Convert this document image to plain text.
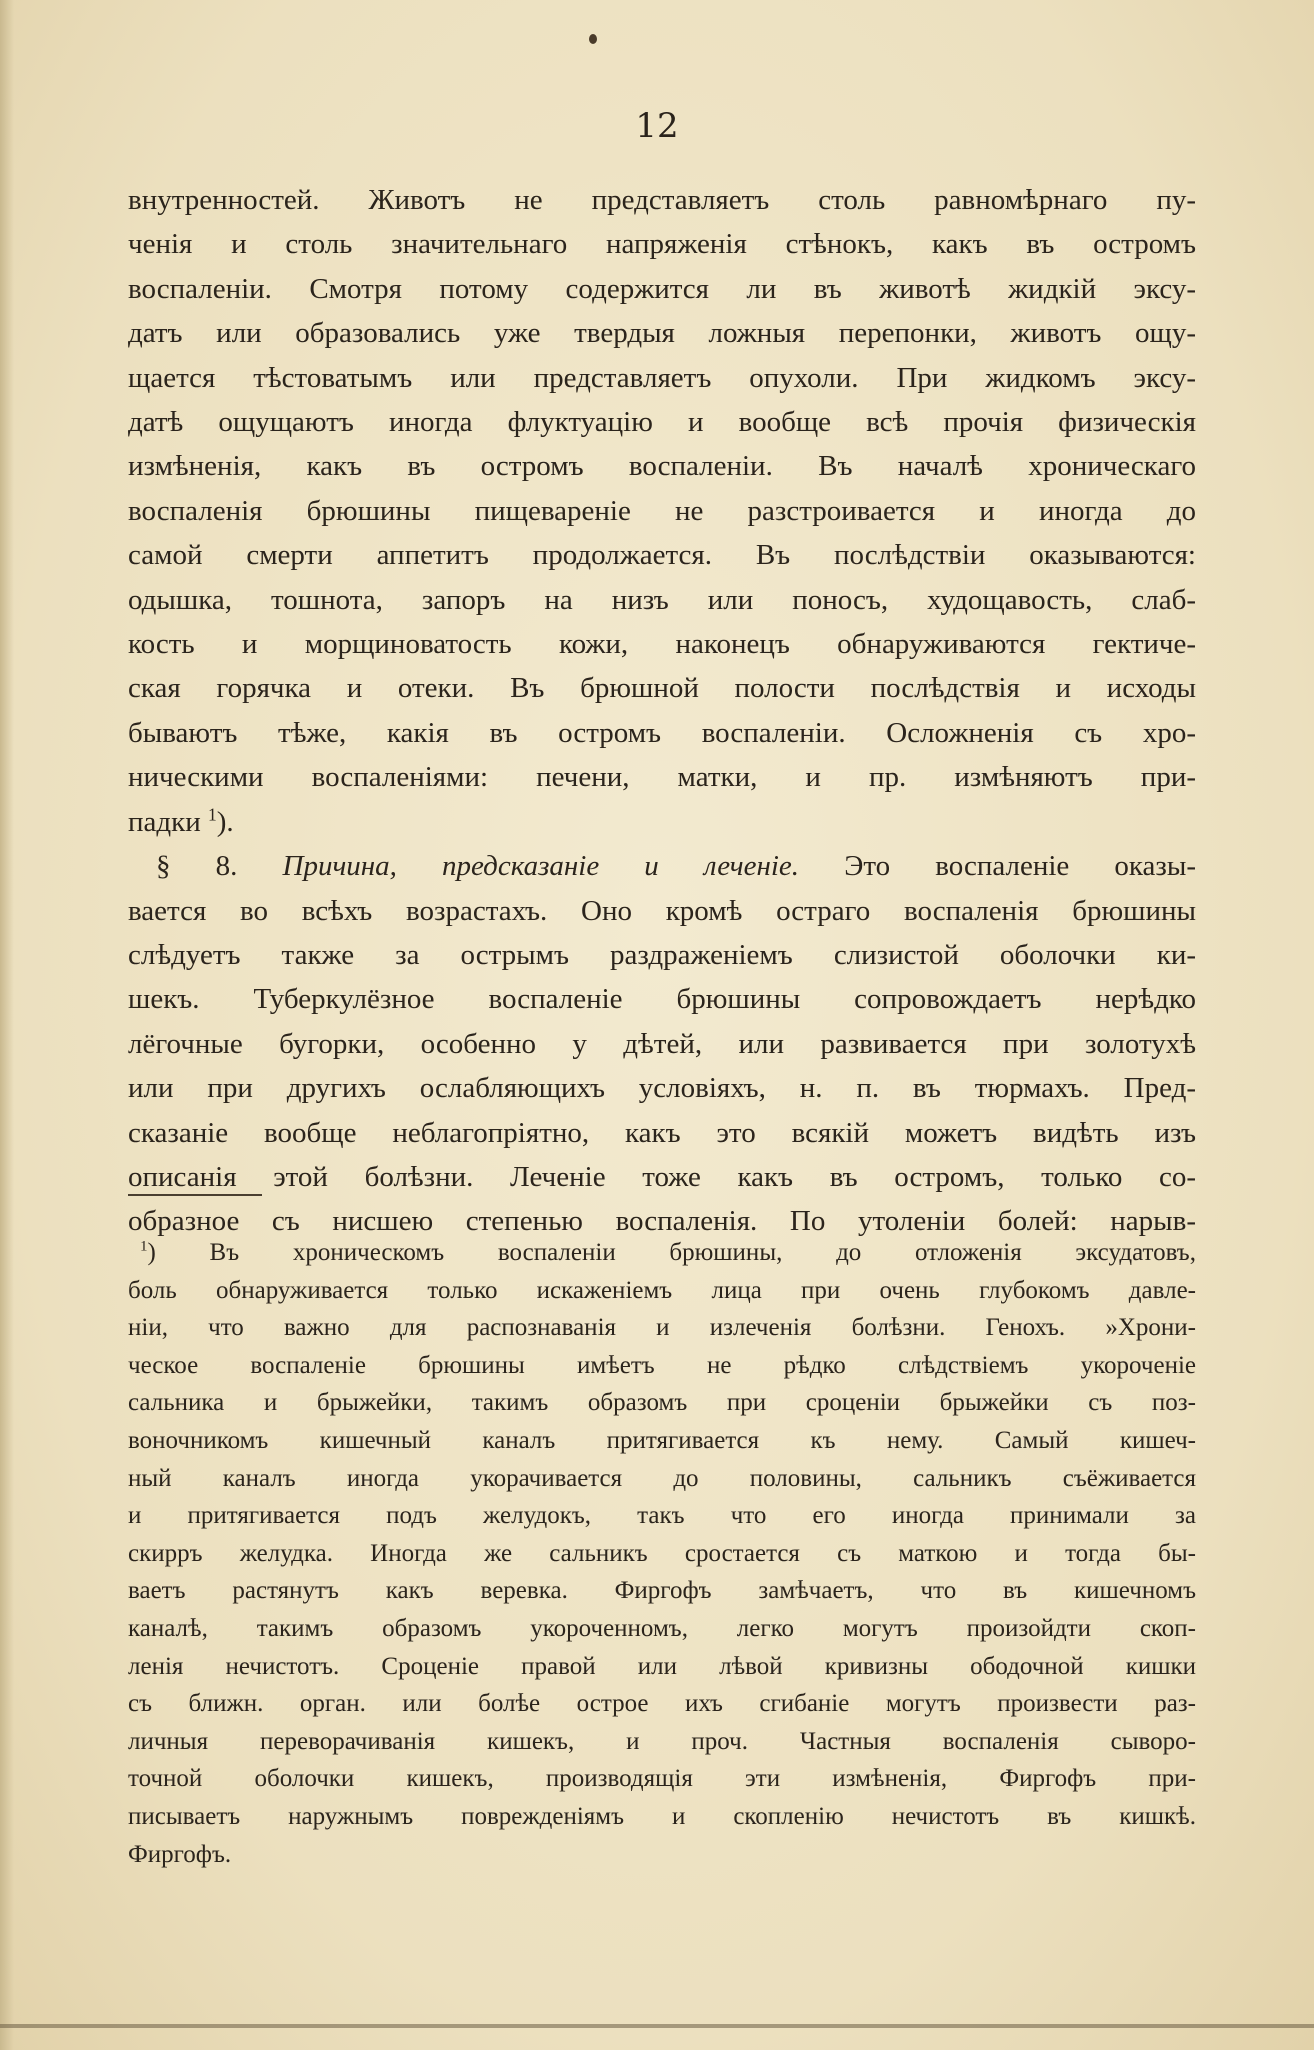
12
внутренностей. Животъ не представляетъ столь равномѣрнаго пу-
ченія и столь значительнаго напряженія стѣнокъ, какъ въ остромъ
воспаленіи. Смотря потому содержится ли въ животѣ жидкій эксу-
датъ или образовались уже твердыя ложныя перепонки, животъ ощу-
щается тѣстоватымъ или представляетъ опухоли. При жидкомъ эксу-
датѣ ощущаютъ иногда флуктуацію и вообще всѣ прочія физическія
измѣненія, какъ въ остромъ воспаленіи. Въ началѣ хроническаго
воспаленія брюшины пищевареніе не разстроивается и иногда до
самой смерти аппетитъ продолжается. Въ послѣдствіи оказываются:
одышка, тошнота, запоръ на низъ или поносъ, худощавость, слаб-
кость и морщиноватость кожи, наконецъ обнаруживаются гектиче-
ская горячка и отеки. Въ брюшной полости послѣдствія и исходы
бываютъ тѣже, какія въ остромъ воспаленіи. Осложненія съ хро-
ническими воспаленіями: печени, матки, и пр. измѣняютъ при-
падки $^1$).
§ 8. Причина, предсказаніе и леченіе. Это воспаленіе оказы-
вается во всѣхъ возрастахъ. Оно кромѣ остраго воспаленія брюшины
слѣдуетъ также за острымъ раздраженіемъ слизистой оболочки ки-
шекъ. Туберкулёзное воспаленіе брюшины сопровождаетъ нерѣдко
лёгочные бугорки, особенно у дѣтей, или развивается при золотухѣ
или при другихъ ослабляющихъ условіяхъ, н. п. въ тюрмахъ. Пред-
сказаніе вообще неблагопріятно, какъ это всякій можетъ видѣть изъ
описанія этой болѣзни. Леченіе тоже какъ въ остромъ, только со-
образное съ нисшею степенью воспаленія. По утоленіи болей: нарыв-
$^1$) Въ хроническомъ воспаленіи брюшины, до отложенія эксудатовъ,
боль обнаруживается только искаженіемъ лица при очень глубокомъ давле-
ніи, что важно для распознаванія и излеченія болѣзни. Генохъ. »Хрони-
ческое воспаленіе брюшины имѣетъ не рѣдко слѣдствіемъ укороченіе
сальника и брыжейки, такимъ образомъ при сроценіи брыжейки съ поз-
воночникомъ кишечный каналъ притягивается къ нему. Самый кишеч-
ный каналъ иногда укорачивается до половины, сальникъ съёживается
и притягивается подъ желудокъ, такъ что его иногда принимали за
скирръ желудка. Иногда же сальникъ сростается съ маткою и тогда бы-
ваетъ растянутъ какъ веревка. Фиргофъ замѣчаетъ, что въ кишечномъ
каналѣ, такимъ образомъ укороченномъ, легко могутъ произойдти скоп-
ленія нечистотъ. Сроценіе правой или лѣвой кривизны ободочной кишки
съ ближн. орган. или болѣе острое ихъ сгибаніе могутъ произвести раз-
личныя переворачиванія кишекъ, и проч. Частныя воспаленія сыворо-
точной оболочки кишекъ, производящія эти измѣненія, Фиргофъ при-
писываетъ наружнымъ поврежденіямъ и скопленію нечистотъ въ кишкѣ.
Фиргофъ.
